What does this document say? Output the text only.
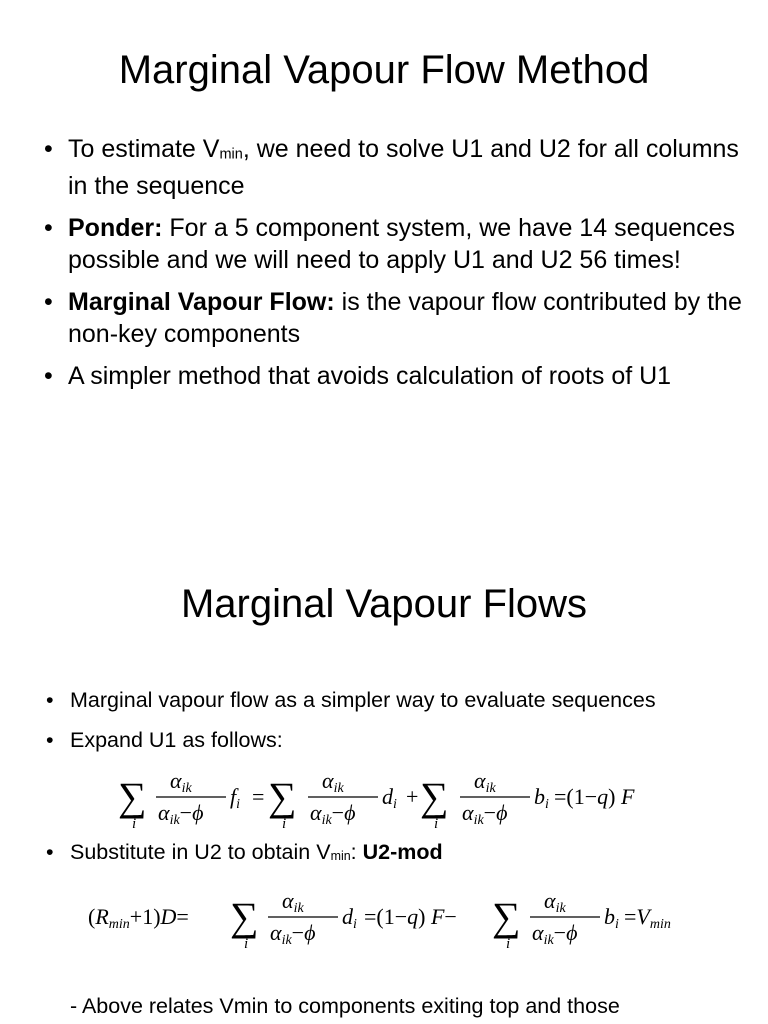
Marginal Vapour Flow Method
• To estimate Vmin, we need to solve U1 and U2 for all columns in the sequence
• Ponder: For a 5 component system, we have 14 sequences possible and we will need to apply U1 and U2 56 times!
• Marginal Vapour Flow: is the vapour flow contributed by the non-key components
• A simpler method that avoids calculation of roots of U1
Marginal Vapour Flows
• Marginal vapour flow as a simpler way to evaluate sequences
• Expand U1 as follows:
• Substitute in U2 to obtain Vmin: U2-mod
∑
i
αik
αik−ϕ
fi = ∑
i
αik
αik−ϕ
di + ∑
i
αik
αik−ϕ
bi =(1−q) F
(Rmin+1)D= ∑
i
αik
αik−ϕ
di =(1−q) F− ∑
i
αik
αik−ϕ
bi =Vmin
- Above relates Vmin to components exiting top and those
